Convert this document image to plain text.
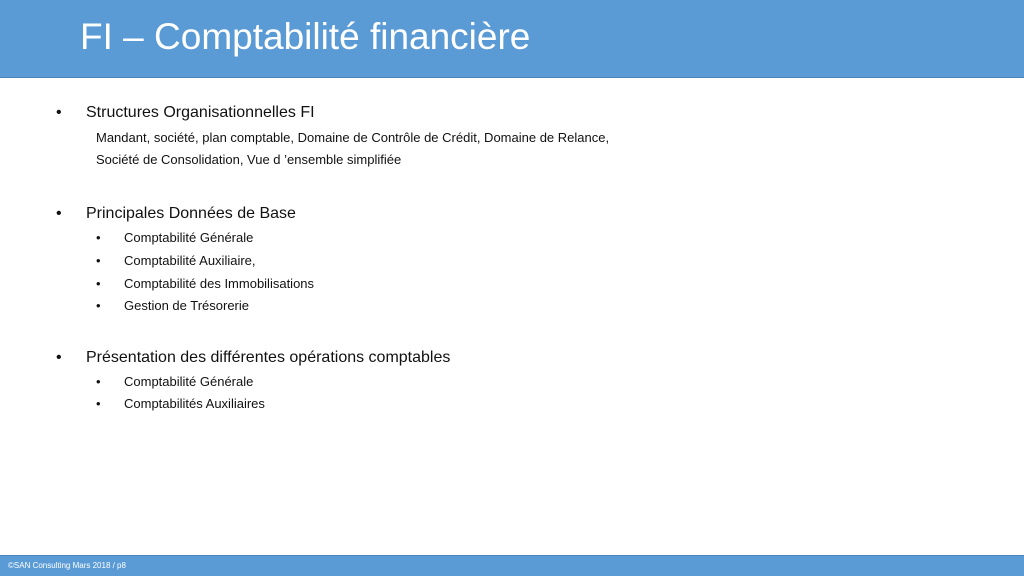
FI – Comptabilité financière
• Structures Organisationnelles FI
Mandant, société, plan comptable, Domaine de Contrôle de Crédit, Domaine de Relance,
Société de Consolidation, Vue d ’ensemble simplifiée
• Principales Données de Base
• Comptabilité Générale
• Comptabilité Auxiliaire,
• Comptabilité des Immobilisations
• Gestion de Trésorerie
• Présentation des différentes opérations comptables
• Comptabilité Générale
• Comptabilités Auxiliaires
©SAN Consulting Mars 2018 / p8
